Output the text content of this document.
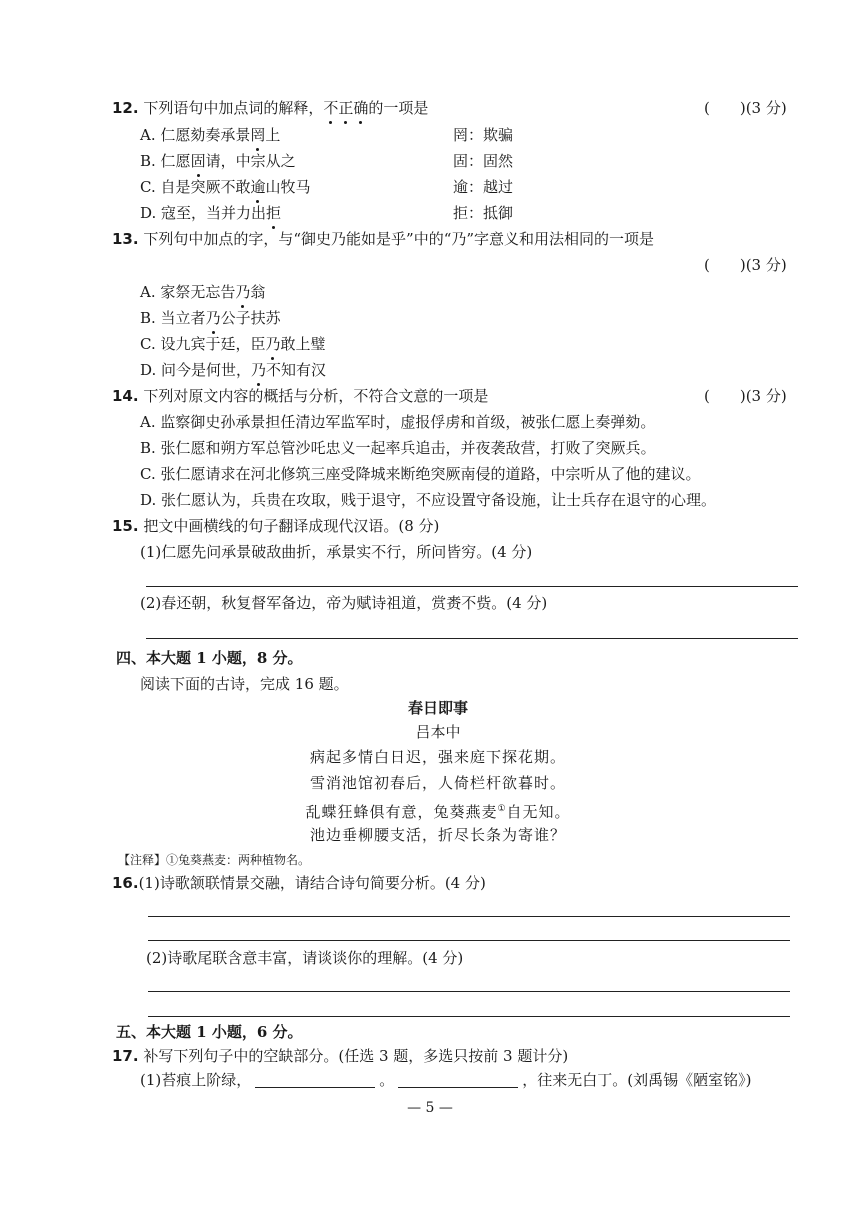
12. 下列语句中加点词的解释，不正确的一项是	(　　)(3 分)
A. 仁愿劾奏承景罔上	罔：欺骗
B. 仁愿固请，中宗从之	固：固然
C. 自是突厥不敢逾山牧马	逾：越过
D. 寇至，当并力出拒	拒：抵御
13. 下列句中加点的字，与“御史乃能如是乎”中的“乃”字意义和用法相同的一项是
(　　)(3 分)
A. 家祭无忘告乃翁
B. 当立者乃公子扶苏
C. 设九宾于廷，臣乃敢上璧
D. 问今是何世，乃不知有汉
14. 下列对原文内容的概括与分析，不符合文意的一项是	(　　)(3 分)
A. 监察御史孙承景担任清边军监军时，虚报俘虏和首级，被张仁愿上奏弹劾。
B. 张仁愿和朔方军总管沙吒忠义一起率兵追击，并夜袭敌营，打败了突厥兵。
C. 张仁愿请求在河北修筑三座受降城来断绝突厥南侵的道路，中宗听从了他的建议。
D. 张仁愿认为，兵贵在攻取，贱于退守，不应设置守备设施，让士兵存在退守的心理。
15. 把文中画横线的句子翻译成现代汉语。(8 分)
(1)仁愿先问承景破敌曲折，承景实不行，所问皆穷。(4 分)
(2)春还朝，秋复督军备边，帝为赋诗祖道，赏赉不赀。(4 分)
四、本大题 1 小题，8 分。
阅读下面的古诗，完成 16 题。
春日即事
吕本中
病起多情白日迟，强来庭下探花期。
雪消池馆初春后，人倚栏杆欲暮时。
乱蝶狂蜂俱有意，兔葵燕麦①自无知。
池边垂柳腰支活，折尽长条为寄谁？
【注释】①兔葵燕麦：两种植物名。
16.(1)诗歌颔联情景交融，请结合诗句简要分析。(4 分)
(2)诗歌尾联含意丰富，请谈谈你的理解。(4 分)
五、本大题 1 小题，6 分。
17. 补写下列句子中的空缺部分。(任选 3 题，多选只按前 3 题计分)
(1)苔痕上阶绿，	。	，往来无白丁。(刘禹锡《陋室铭》)
— 5 —
